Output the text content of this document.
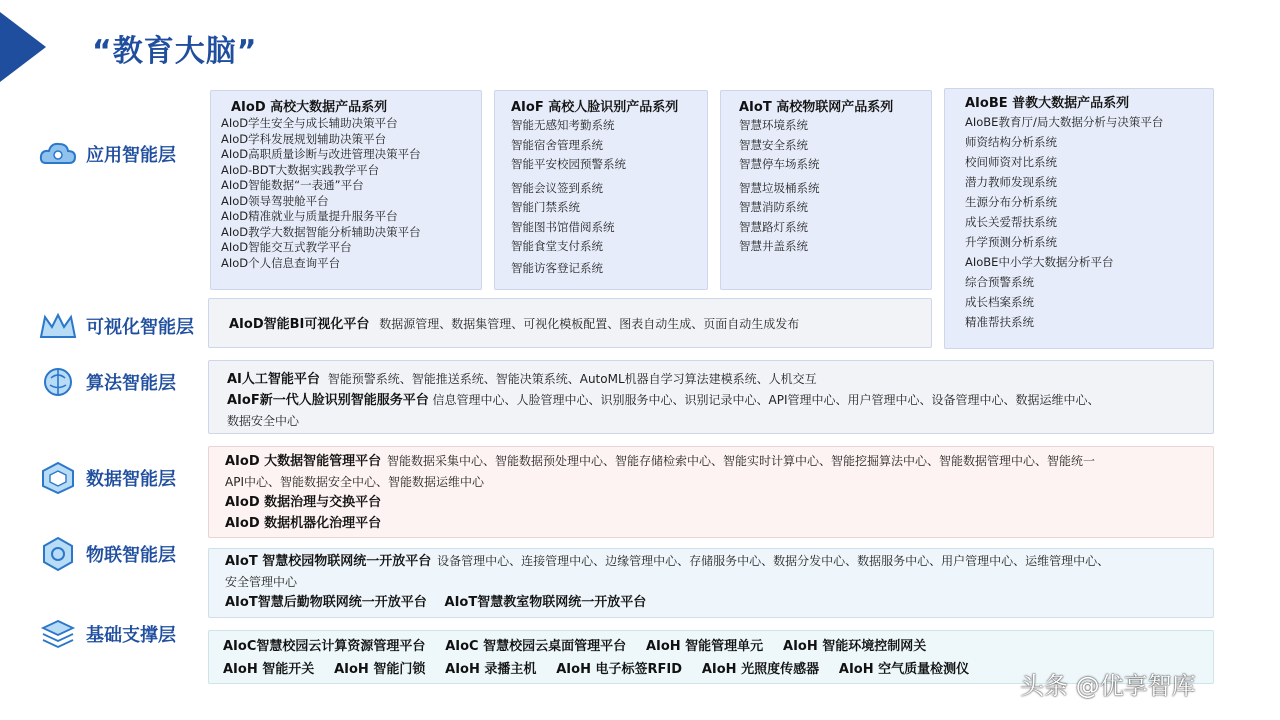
“教育大脑”
应用智能层
可视化智能层
算法智能层
数据智能层
物联智能层
基础支撑层
AIoD 高校大数据产品系列
AIoD学生安全与成长辅助决策平台
AIoD学科发展规划辅助决策平台
AIoD高职质量诊断与改进管理决策平台
AIoD-BDT大数据实践教学平台
AIoD智能数据“一表通”平台
AIoD领导驾驶舱平台
AIoD精准就业与质量提升服务平台
AIoD教学大数据智能分析辅助决策平台
AIoD智能交互式教学平台
AIoD个人信息查询平台
AIoF 高校人脸识别产品系列
智能无感知考勤系统
智能宿舍管理系统
智能平安校园预警系统
智能会议签到系统
智能门禁系统
智能图书馆借阅系统
智能食堂支付系统
智能访客登记系统
AIoT 高校物联网产品系列
智慧环境系统
智慧安全系统
智慧停车场系统
智慧垃圾桶系统
智慧消防系统
智慧路灯系统
智慧井盖系统
AIoBE 普教大数据产品系列
AIoBE教育厅/局大数据分析与决策平台
师资结构分析系统
校间师资对比系统
潜力教师发现系统
生源分布分析系统
成长关爱帮扶系统
升学预测分析系统
AIoBE中小学大数据分析平台
综合预警系统
成长档案系统
精准帮扶系统
AIoD智能BI可视化平台 数据源管理、数据集管理、可视化模板配置、图表自动生成、页面自动生成发布
AI人工智能平台 智能预警系统、智能推送系统、智能决策系统、AutoML机器自学习算法建模系统、人机交互
AIoF新一代人脸识别智能服务平台 信息管理中心、人脸管理中心、识别服务中心、识别记录中心、API管理中心、用户管理中心、设备管理中心、数据运维中心、
数据安全中心
AIoD 大数据智能管理平台 智能数据采集中心、智能数据预处理中心、智能存储检索中心、智能实时计算中心、智能挖掘算法中心、智能数据管理中心、智能统一
API中心、智能数据安全中心、智能数据运维中心
AIoD 数据治理与交换平台
AIoD 数据机器化治理平台
AIoT 智慧校园物联网统一开放平台 设备管理中心、连接管理中心、边缘管理中心、存储服务中心、数据分发中心、数据服务中心、用户管理中心、运维管理中心、
安全管理中心
AIoT智慧后勤物联网统一开放平台 AIoT智慧教室物联网统一开放平台
AIoC智慧校园云计算资源管理平台 AIoC 智慧校园云桌面管理平台 AIoH 智能管理单元 AIoH 智能环境控制网关
AIoH 智能开关 AIoH 智能门锁 AIoH 录播主机 AIoH 电子标签RFID AIoH 光照度传感器 AIoH 空气质量检测仪
头条 @优享智库
